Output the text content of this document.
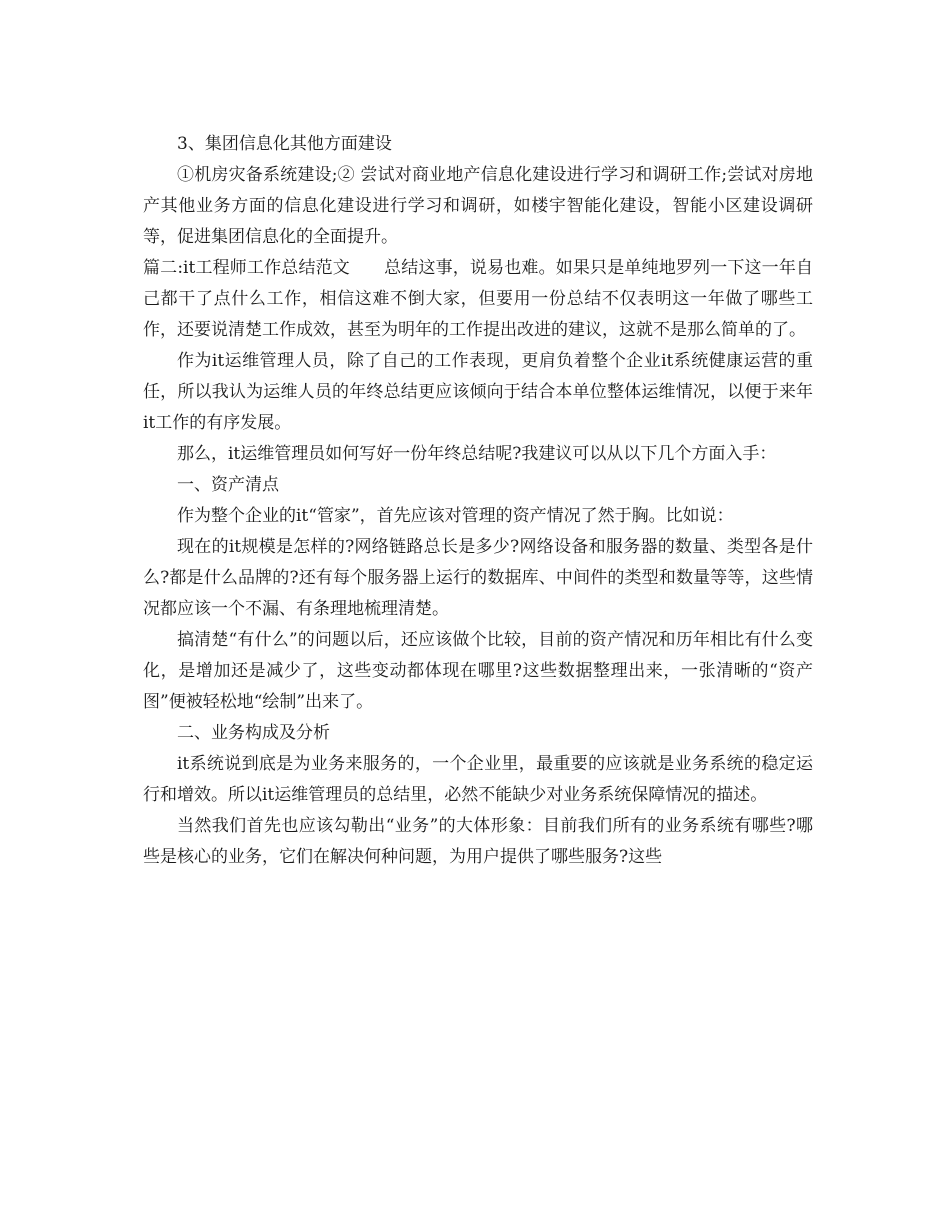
3、集团信息化其他方面建设

①机房灾备系统建设;② 尝试对商业地产信息化建设进行学习和调研工作;尝试对房地产其他业务方面的信息化建设进行学习和调研，如楼宇智能化建设，智能小区建设调研等，促进集团信息化的全面提升。

篇二:it工程师工作总结范文 总结这事，说易也难。如果只是单纯地罗列一下这一年自己都干了点什么工作，相信这难不倒大家，但要用一份总结不仅表明这一年做了哪些工作，还要说清楚工作成效，甚至为明年的工作提出改进的建议，这就不是那么简单的了。

作为it运维管理人员，除了自己的工作表现，更肩负着整个企业it系统健康运营的重任，所以我认为运维人员的年终总结更应该倾向于结合本单位整体运维情况，以便于来年it工作的有序发展。

那么，it运维管理员如何写好一份年终总结呢?我建议可以从以下几个方面入手：

一、资产清点

作为整个企业的it“管家”，首先应该对管理的资产情况了然于胸。比如说：

现在的it规模是怎样的?网络链路总长是多少?网络设备和服务器的数量、类型各是什么?都是什么品牌的?还有每个服务器上运行的数据库、中间件的类型和数量等等，这些情况都应该一个不漏、有条理地梳理清楚。

搞清楚“有什么”的问题以后，还应该做个比较，目前的资产情况和历年相比有什么变化，是增加还是减少了，这些变动都体现在哪里?这些数据整理出来，一张清晰的“资产图”便被轻松地“绘制”出来了。

二、业务构成及分析

it系统说到底是为业务来服务的，一个企业里，最重要的应该就是业务系统的稳定运行和增效。所以it运维管理员的总结里，必然不能缺少对业务系统保障情况的描述。

当然我们首先也应该勾勒出“业务”的大体形象：目前我们所有的业务系统有哪些?哪些是核心的业务，它们在解决何种问题，为用户提供了哪些服务?这些
